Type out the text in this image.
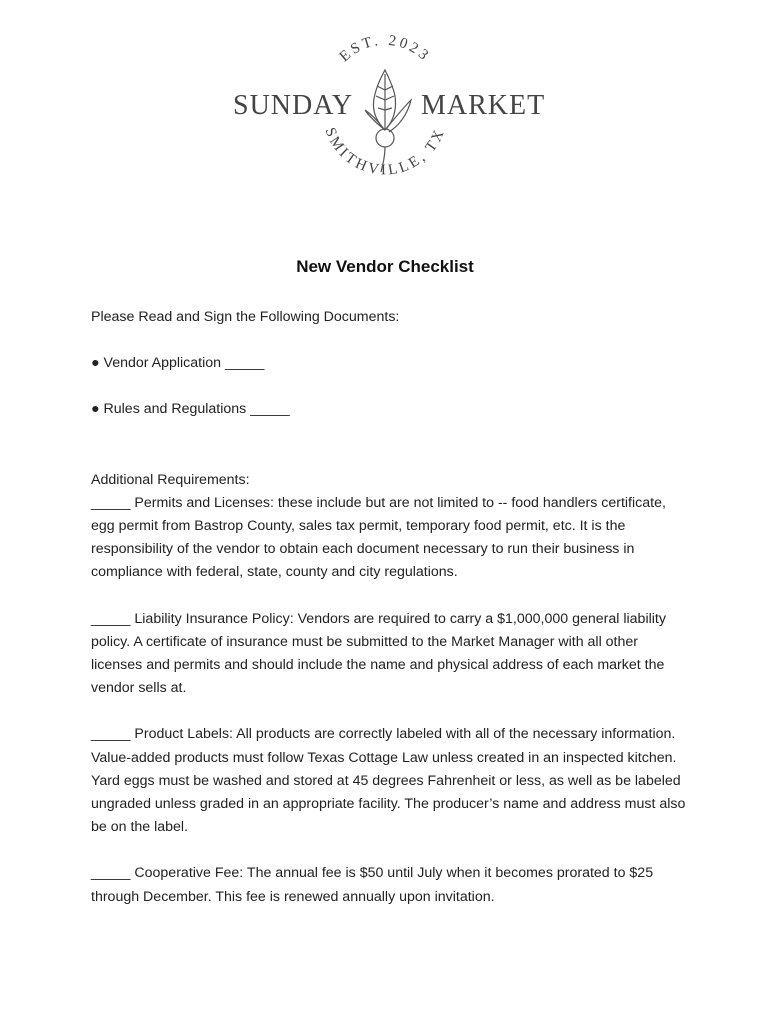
EST. 2023
SMITHVILLE, TX
SUNDAY MARKET
New Vendor Checklist

Please Read and Sign the Following Documents:

● Vendor Application _____

● Rules and Regulations _____

Additional Requirements:

_____ Permits and Licenses: these include but are not limited to -- food handlers certificate, egg permit from Bastrop County, sales tax permit, temporary food permit, etc. It is the responsibility of the vendor to obtain each document necessary to run their business in compliance with federal, state, county and city regulations.

_____ Liability Insurance Policy: Vendors are required to carry a $1,000,000 general liability policy. A certificate of insurance must be submitted to the Market Manager with all other licenses and permits and should include the name and physical address of each market the vendor sells at.

_____ Product Labels: All products are correctly labeled with all of the necessary information. Value-added products must follow Texas Cottage Law unless created in an inspected kitchen. Yard eggs must be washed and stored at 45 degrees Fahrenheit or less, as well as be labeled ungraded unless graded in an appropriate facility. The producer’s name and address must also be on the label.

_____ Cooperative Fee: The annual fee is $50 until July when it becomes prorated to $25 through December. This fee is renewed annually upon invitation.
